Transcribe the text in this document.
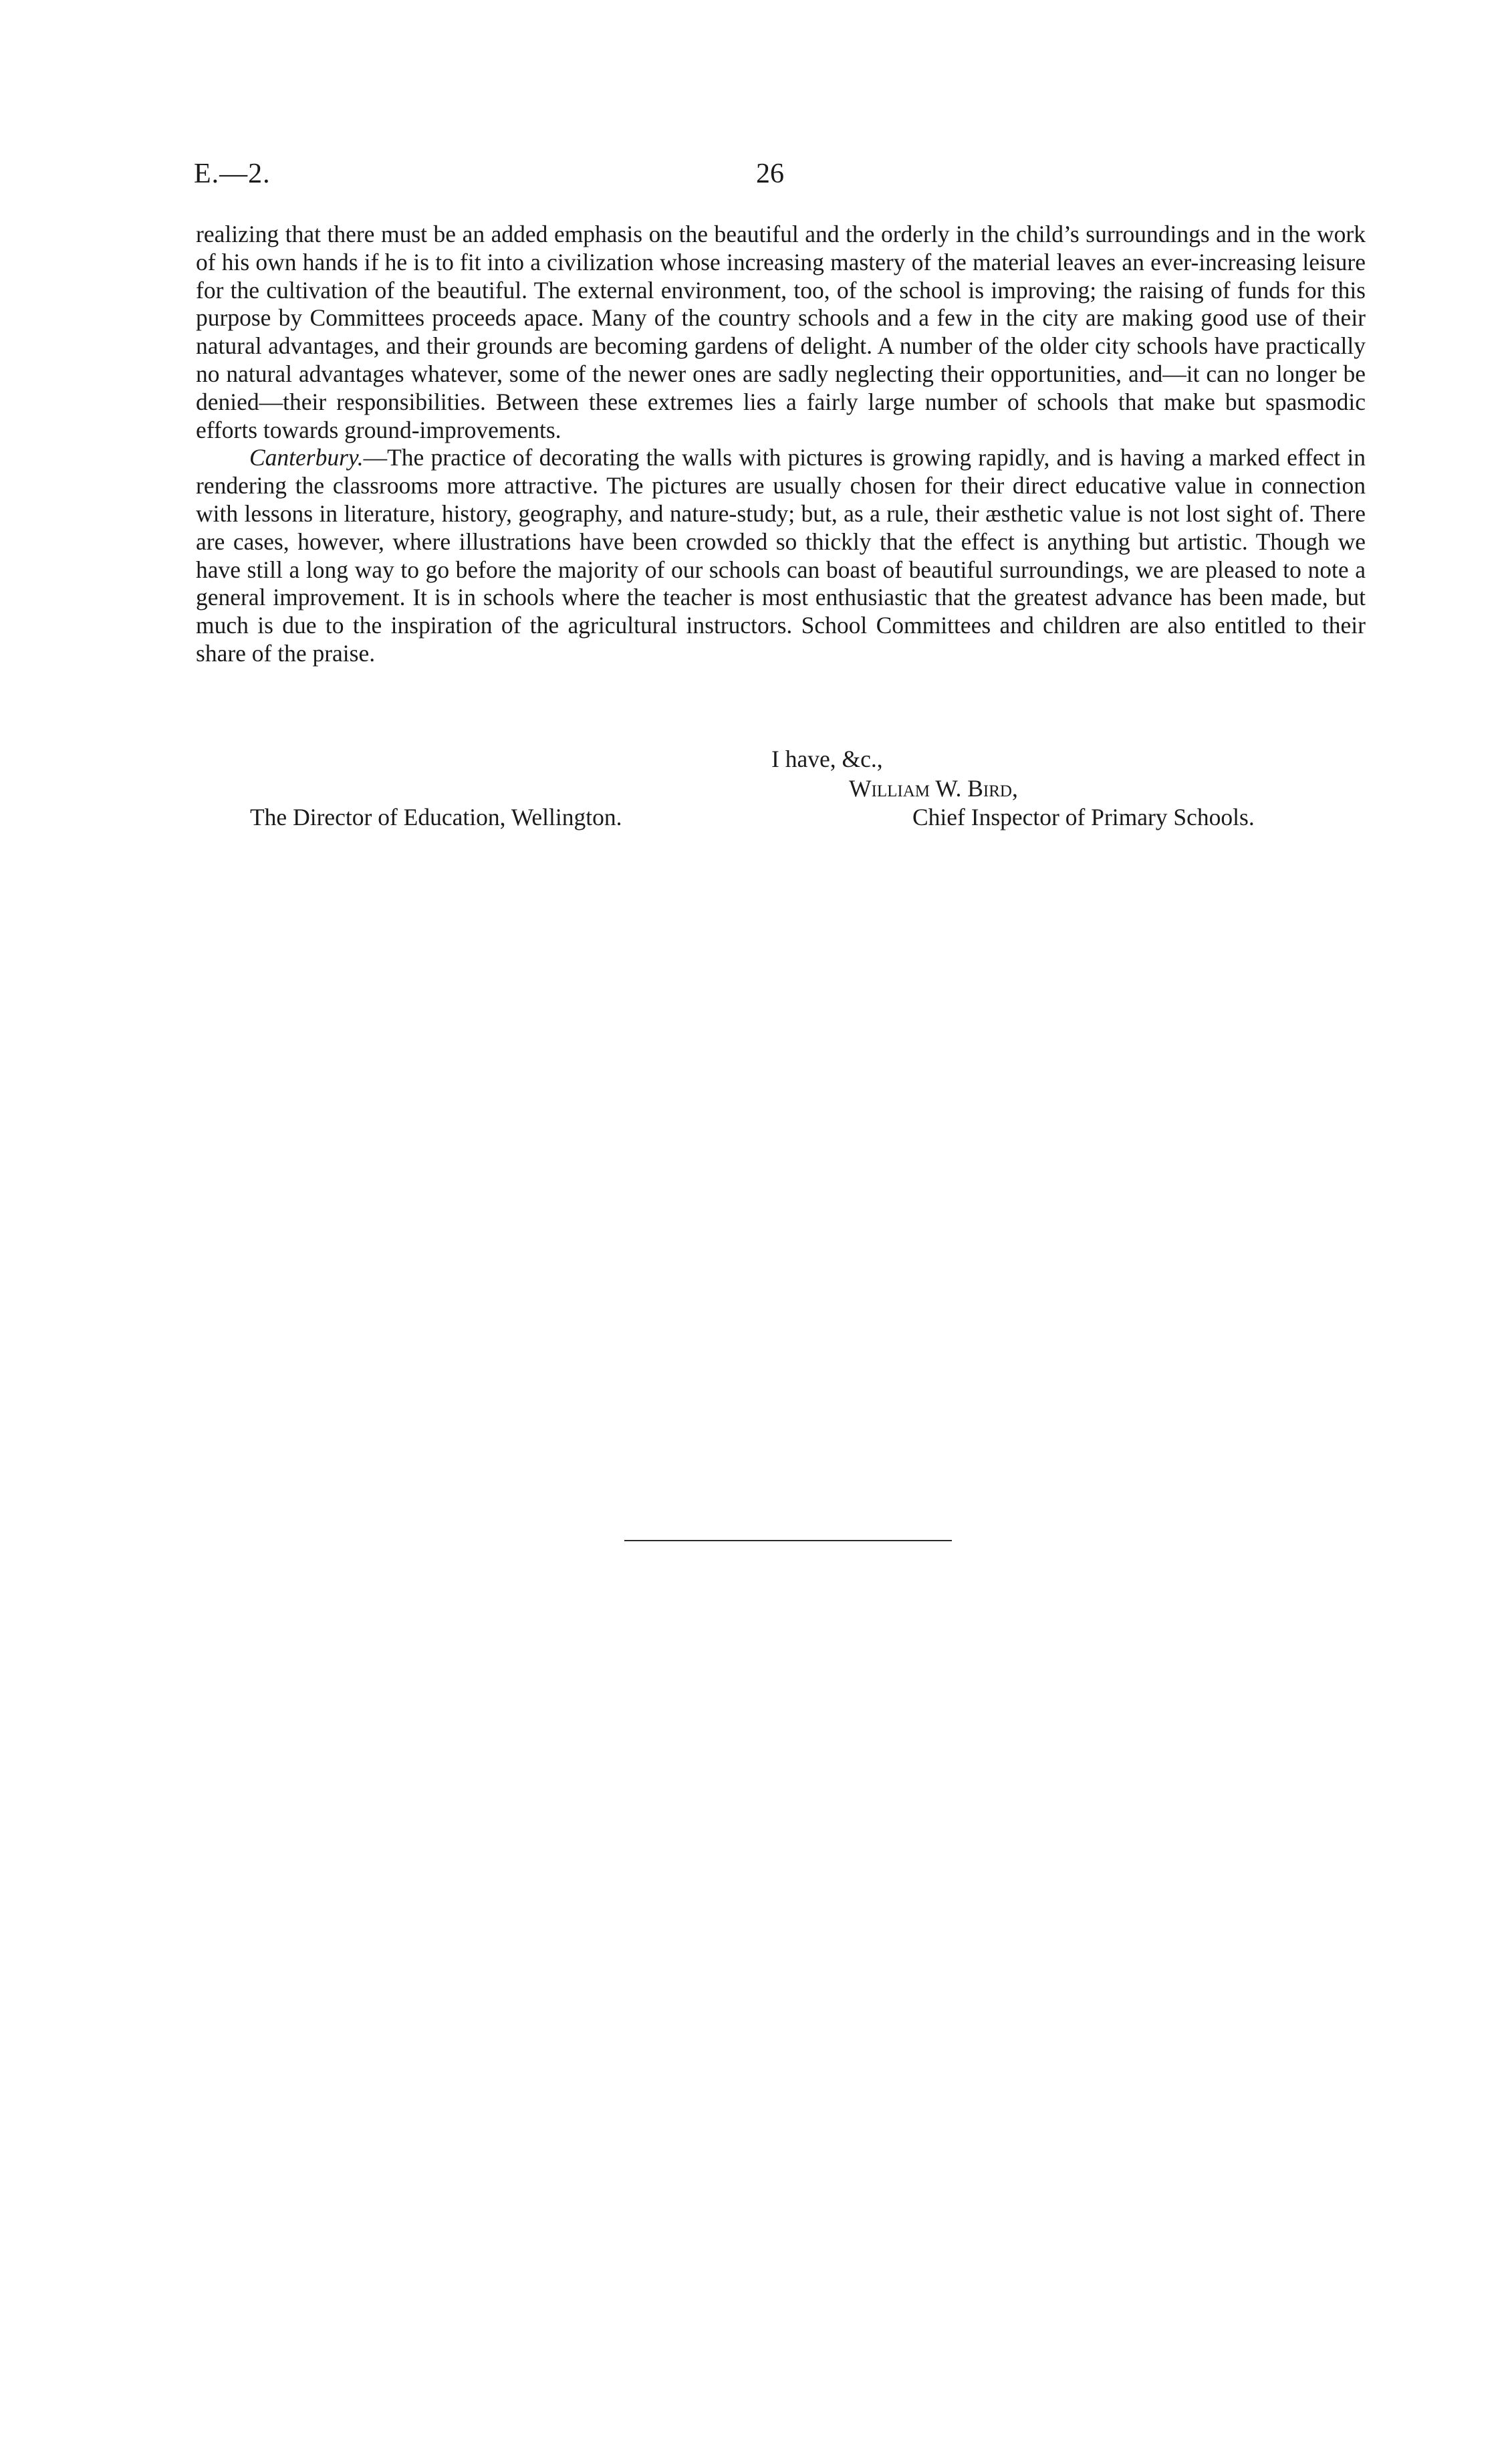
E.—2.	26

realizing that there must be an added emphasis on the beautiful and the orderly in the child’s surroundings and in the work of his own hands if he is to fit into a civilization whose increasing mastery of the material leaves an ever-increasing leisure for the cultivation of the beautiful. The external environment, too, of the school is improving; the raising of funds for this purpose by Committees proceeds apace. Many of the country schools and a few in the city are making good use of their natural advantages, and their grounds are becoming gardens of delight. A number of the older city schools have practically no natural advantages whatever, some of the newer ones are sadly neglecting their opportunities, and—it can no longer be denied—their responsibilities. Between these extremes lies a fairly large number of schools that make but spasmodic efforts towards ground-improvements.

Canterbury.—The practice of decorating the walls with pictures is growing rapidly, and is having a marked effect in rendering the classrooms more attractive. The pictures are usually chosen for their direct educative value in connection with lessons in literature, history, geography, and nature-study; but, as a rule, their æsthetic value is not lost sight of. There are cases, however, where illustrations have been crowded so thickly that the effect is anything but artistic. Though we have still a long way to go before the majority of our schools can boast of beautiful surroundings, we are pleased to note a general improvement. It is in schools where the teacher is most enthusiastic that the greatest advance has been made, but much is due to the inspiration of the agricultural instructors. School Committees and children are also entitled to their share of the praise.

I have, &c.,
William W. Bird,
The Director of Education, Wellington.	Chief Inspector of Primary Schools.
